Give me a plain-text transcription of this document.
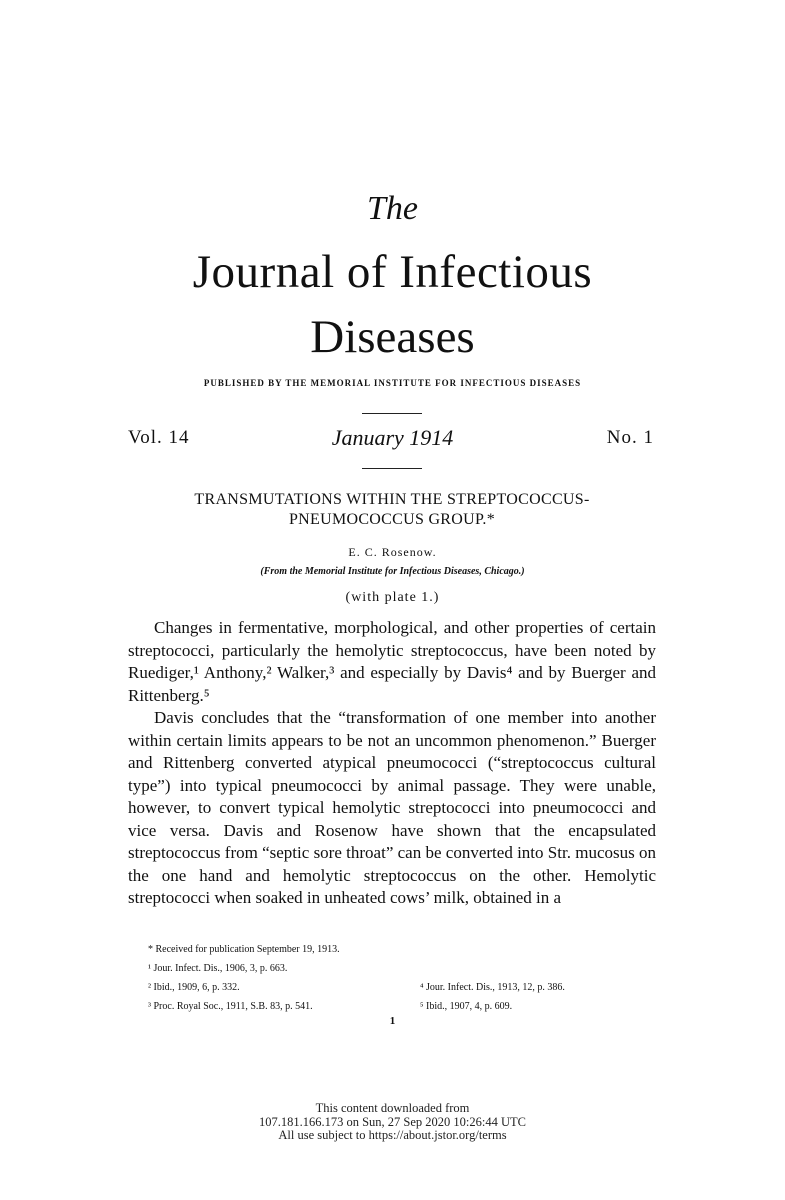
The
Journal of Infectious
Diseases
PUBLISHED BY THE MEMORIAL INSTITUTE FOR INFECTIOUS DISEASES
Vol. 14	January 1914	No. 1
TRANSMUTATIONS WITHIN THE STREPTOCOCCUS-
PNEUMOCOCCUS GROUP.*
E. C. Rosenow.
(From the Memorial Institute for Infectious Diseases, Chicago.)
(with plate 1.)

Changes in fermentative, morphological, and other properties of certain streptococci, particularly the hemolytic streptococcus, have been noted by Ruediger,¹ Anthony,² Walker,³ and especially by Davis⁴ and by Buerger and Rittenberg.⁵

Davis concludes that the “transformation of one member into another within certain limits appears to be not an uncommon phenomenon.” Buerger and Rittenberg converted atypical pneumococci (“streptococcus cultural type”) into typical pneumococci by animal passage. They were unable, however, to convert typical hemolytic streptococci into pneumococci and vice versa. Davis and Rosenow have shown that the encapsulated streptococcus from “septic sore throat” can be converted into Str. mucosus on the one hand and hemolytic streptococcus on the other. Hemolytic streptococci when soaked in unheated cows’ milk, obtained in a

* Received for publication September 19, 1913.
¹ Jour. Infect. Dis., 1906, 3, p. 663.
² Ibid., 1909, 6, p. 332.	⁴ Jour. Infect. Dis., 1913, 12, p. 386.
³ Proc. Royal Soc., 1911, S.B. 83, p. 541.	⁵ Ibid., 1907, 4, p. 609.
1
This content downloaded from
107.181.166.173 on Sun, 27 Sep 2020 10:26:44 UTC
All use subject to https://about.jstor.org/terms
